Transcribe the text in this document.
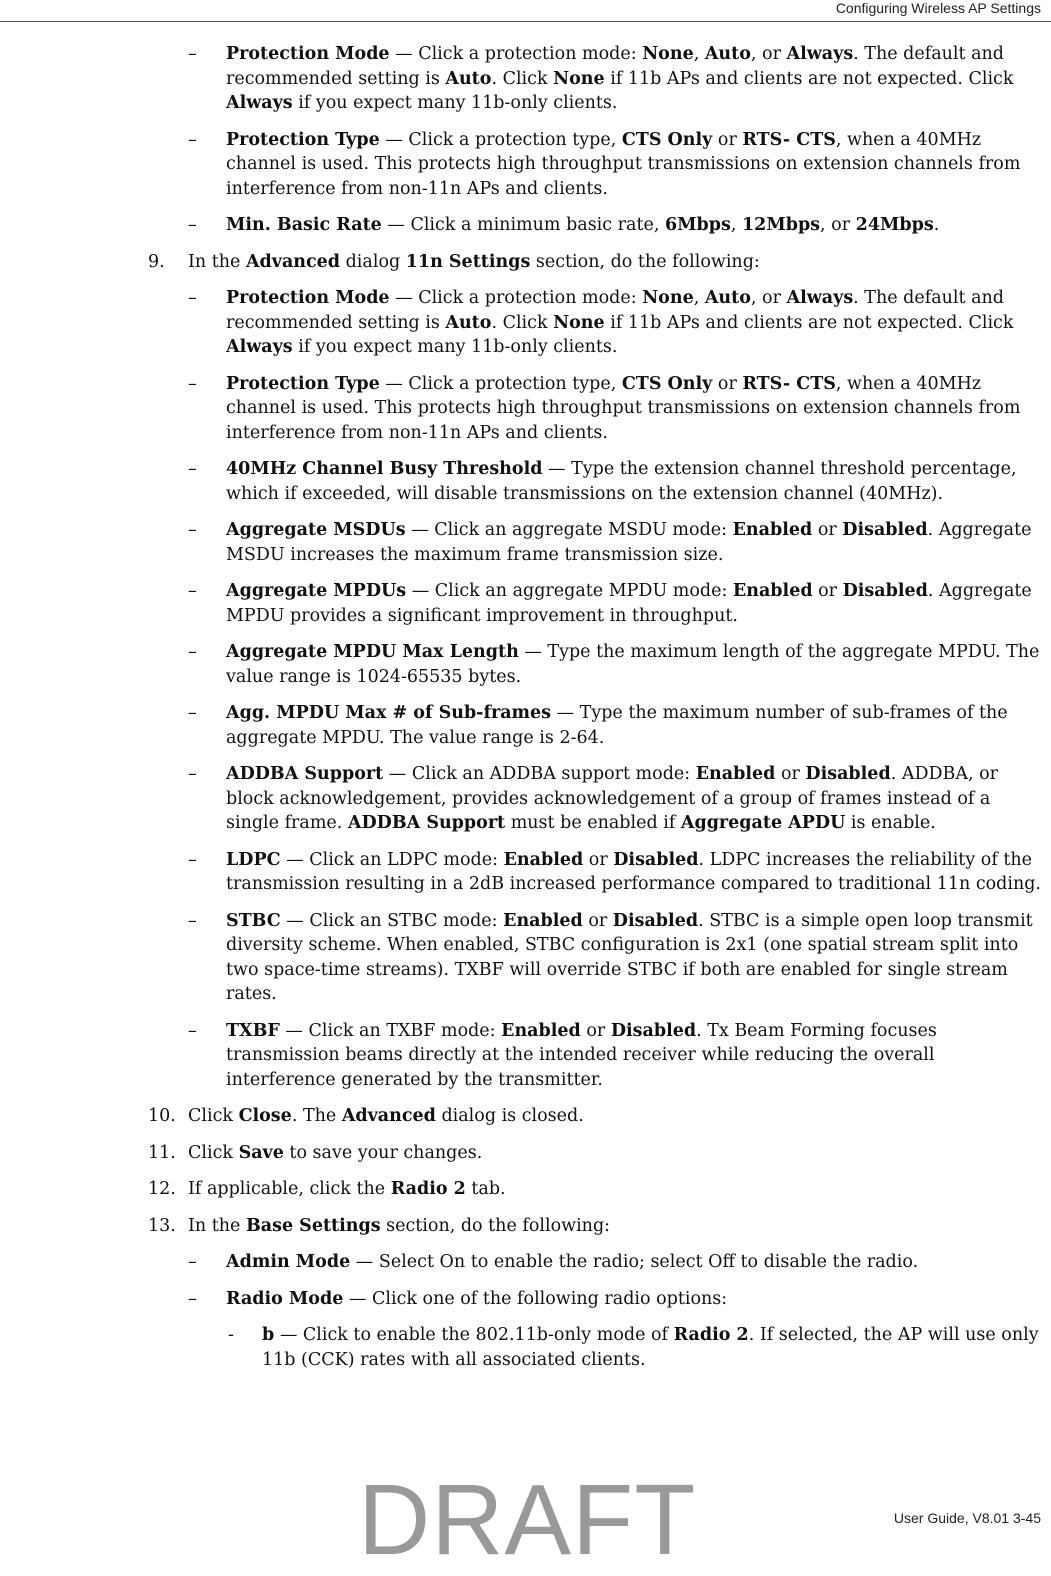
Configuring Wireless AP Settings
– Protection Mode — Click a protection mode: None, Auto, or Always. The default and recommended setting is Auto. Click None if 11b APs and clients are not expected. Click Always if you expect many 11b-only clients.
– Protection Type — Click a protection type, CTS Only or RTS- CTS, when a 40MHz channel is used. This protects high throughput transmissions on extension channels from interference from non-11n APs and clients.
– Min. Basic Rate — Click a minimum basic rate, 6Mbps, 12Mbps, or 24Mbps.
9. In the Advanced dialog 11n Settings section, do the following:
– Protection Mode — Click a protection mode: None, Auto, or Always. The default and recommended setting is Auto. Click None if 11b APs and clients are not expected. Click Always if you expect many 11b-only clients.
– Protection Type — Click a protection type, CTS Only or RTS- CTS, when a 40MHz channel is used. This protects high throughput transmissions on extension channels from interference from non-11n APs and clients.
– 40MHz Channel Busy Threshold — Type the extension channel threshold percentage, which if exceeded, will disable transmissions on the extension channel (40MHz).
– Aggregate MSDUs — Click an aggregate MSDU mode: Enabled or Disabled. Aggregate MSDU increases the maximum frame transmission size.
– Aggregate MPDUs — Click an aggregate MPDU mode: Enabled or Disabled. Aggregate MPDU provides a significant improvement in throughput.
– Aggregate MPDU Max Length — Type the maximum length of the aggregate MPDU. The value range is 1024-65535 bytes.
– Agg. MPDU Max # of Sub-frames — Type the maximum number of sub-frames of the aggregate MPDU. The value range is 2-64.
– ADDBA Support — Click an ADDBA support mode: Enabled or Disabled. ADDBA, or block acknowledgement, provides acknowledgement of a group of frames instead of a single frame. ADDBA Support must be enabled if Aggregate APDU is enable.
– LDPC — Click an LDPC mode: Enabled or Disabled. LDPC increases the reliability of the transmission resulting in a 2dB increased performance compared to traditional 11n coding.
– STBC — Click an STBC mode: Enabled or Disabled. STBC is a simple open loop transmit diversity scheme. When enabled, STBC configuration is 2x1 (one spatial stream split into two space-time streams). TXBF will override STBC if both are enabled for single stream rates.
– TXBF — Click an TXBF mode: Enabled or Disabled. Tx Beam Forming focuses transmission beams directly at the intended receiver while reducing the overall interference generated by the transmitter.
10. Click Close. The Advanced dialog is closed.
11. Click Save to save your changes.
12. If applicable, click the Radio 2 tab.
13. In the Base Settings section, do the following:
– Admin Mode — Select On to enable the radio; select Off to disable the radio.
– Radio Mode — Click one of the following radio options:
- b — Click to enable the 802.11b-only mode of Radio 2. If selected, the AP will use only 11b (CCK) rates with all associated clients.
User Guide, V8.01 3-45
DRAFT
